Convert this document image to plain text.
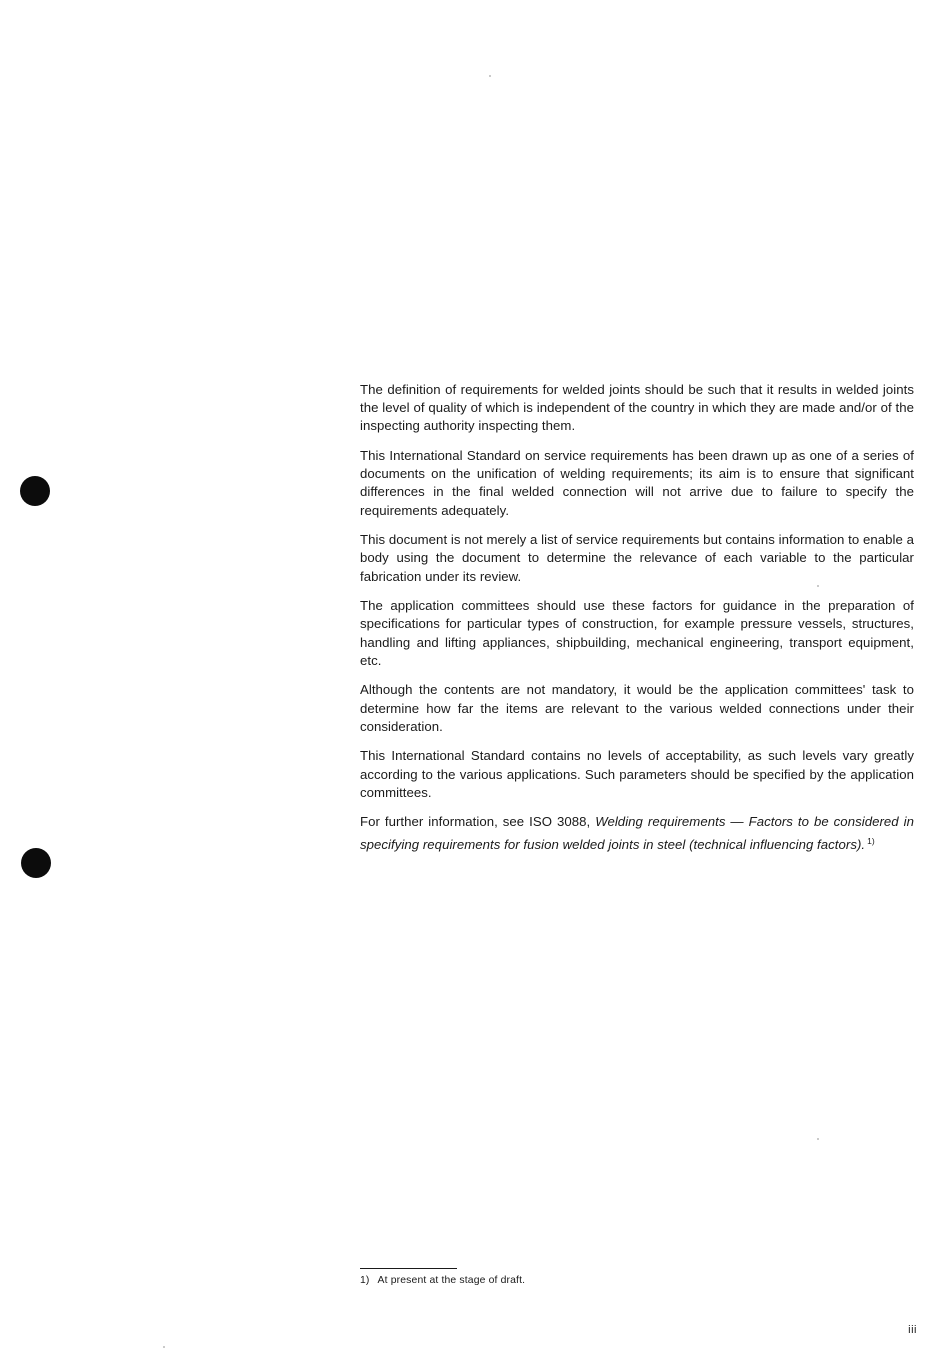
The definition of requirements for welded joints should be such that it results in welded joints the level of quality of which is independent of the country in which they are made and/or of the inspecting authority inspecting them.

This International Standard on service requirements has been drawn up as one of a series of documents on the unification of welding requirements; its aim is to ensure that significant differences in the final welded connection will not arrive due to failure to specify the requirements adequately.

This document is not merely a list of service requirements but contains information to enable a body using the document to determine the relevance of each variable to the particular fabrication under its review.

The application committees should use these factors for guidance in the preparation of specifications for particular types of construction, for example pressure vessels, structures, handling and lifting appliances, shipbuilding, mechanical engineering, transport equipment, etc.

Although the contents are not mandatory, it would be the application committees' task to determine how far the items are relevant to the various welded connections under their consideration.

This International Standard contains no levels of acceptability, as such levels vary greatly according to the various applications. Such parameters should be specified by the application committees.

For further information, see ISO 3088, Welding requirements — Factors to be considered in specifying requirements for fusion welded joints in steel (technical influencing factors). $^{1)}$

1) At present at the stage of draft.
iii
